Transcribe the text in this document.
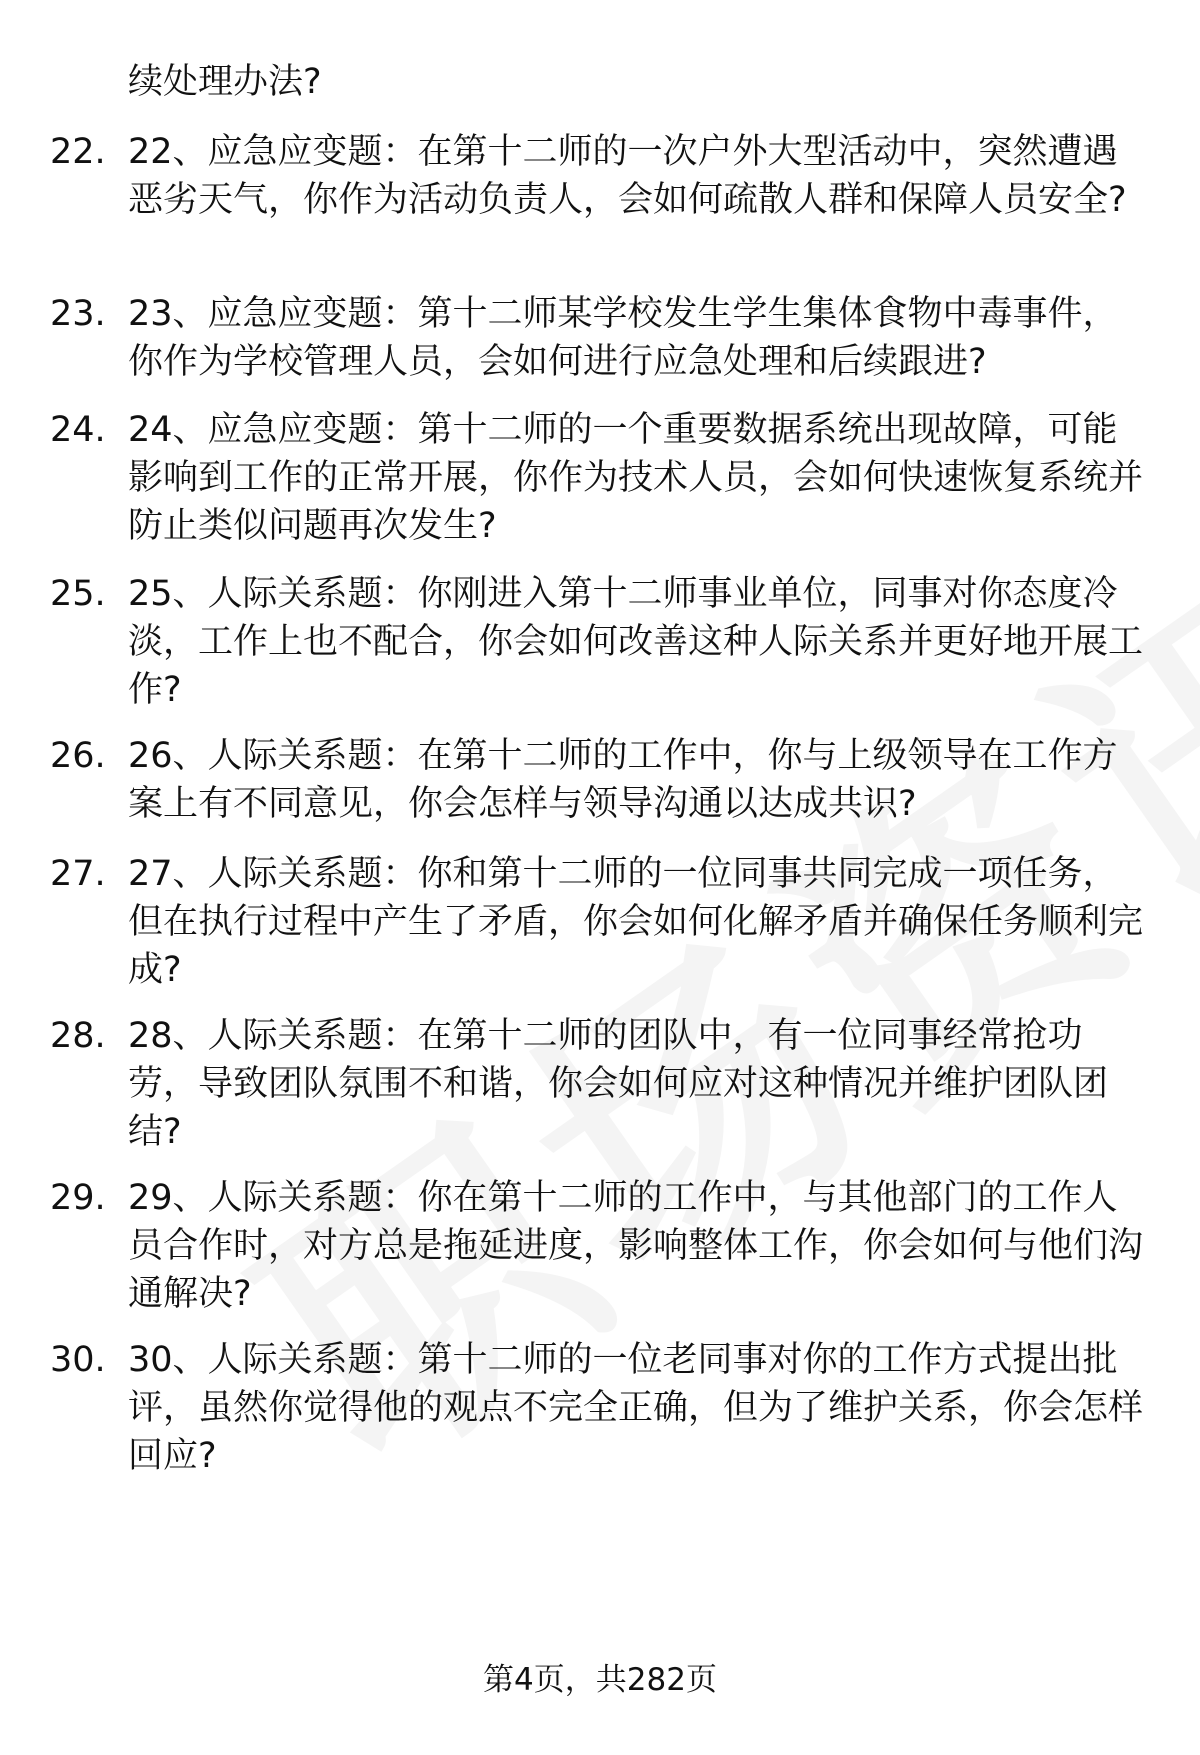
续处理办法?
22. 22、应急应变题：在第十二师的一次户外大型活动中，突然遭遇恶劣天气，你作为活动负责人，会如何疏散人群和保障人员安全?
23. 23、应急应变题：第十二师某学校发生学生集体食物中毒事件，你作为学校管理人员，会如何进行应急处理和后续跟进?
24. 24、应急应变题：第十二师的一个重要数据系统出现故障，可能影响到工作的正常开展，你作为技术人员，会如何快速恢复系统并防止类似问题再次发生?
25. 25、人际关系题：你刚进入第十二师事业单位，同事对你态度冷淡，工作上也不配合，你会如何改善这种人际关系并更好地开展工作?
26. 26、人际关系题：在第十二师的工作中，你与上级领导在工作方案上有不同意见，你会怎样与领导沟通以达成共识?
27. 27、人际关系题：你和第十二师的一位同事共同完成一项任务，但在执行过程中产生了矛盾，你会如何化解矛盾并确保任务顺利完成?
28. 28、人际关系题：在第十二师的团队中，有一位同事经常抢功劳，导致团队氛围不和谐，你会如何应对这种情况并维护团队团结?
29. 29、人际关系题：你在第十二师的工作中，与其他部门的工作人员合作时，对方总是拖延进度，影响整体工作，你会如何与他们沟通解决?
30. 30、人际关系题：第十二师的一位老同事对你的工作方式提出批评，虽然你觉得他的观点不完全正确，但为了维护关系，你会怎样回应?
第4页，共282页
